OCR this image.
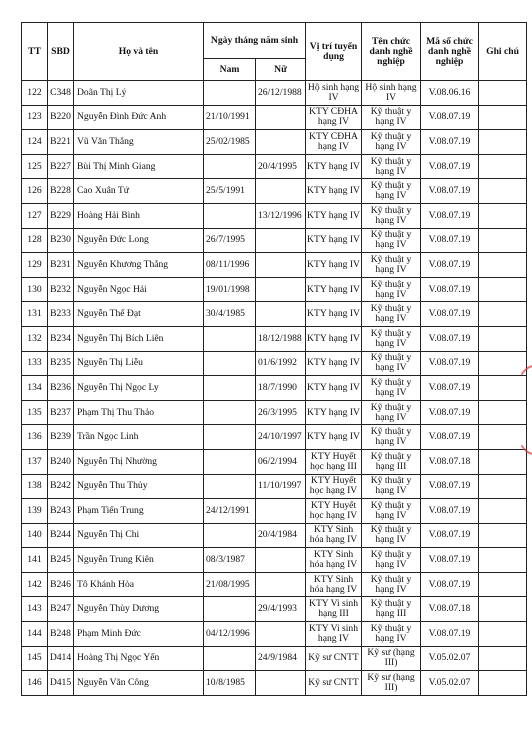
TT	SBD	Họ và tên	Ngày tháng năm sinh		Vị trí tuyển dụng	Tên chức danh nghề nghiệp	Mã số chức danh nghề nghiệp	Ghi chú
			Nam	Nữ				
122	C348	Doãn Thị Lý		26/12/1988	Hộ sinh hạng IV	Hộ sinh hạng IV	V.08.06.16	
123	B220	Nguyễn Đình Đức Anh	21/10/1991		KTY CĐHA hạng IV	Kỹ thuật y hạng IV	V.08.07.19	
124	B221	Vũ Văn Thắng	25/02/1985		KTY CĐHA hạng IV	Kỹ thuật y hạng IV	V.08.07.19	
125	B227	Bùi Thị Minh Giang		20/4/1995	KTY hạng IV	Kỹ thuật y hạng IV	V.08.07.19	
126	B228	Cao Xuân Tứ	25/5/1991		KTY hạng IV	Kỹ thuật y hạng IV	V.08.07.19	
127	B229	Hoàng Hải Bình		13/12/1996	KTY hạng IV	Kỹ thuật y hạng IV	V.08.07.19	
128	B230	Nguyễn Đức Long	26/7/1995		KTY hạng IV	Kỹ thuật y hạng IV	V.08.07.19	
129	B231	Nguyễn Khương Thắng	08/11/1996		KTY hạng IV	Kỹ thuật y hạng IV	V.08.07.19	
130	B232	Nguyễn Ngọc Hải	19/01/1998		KTY hạng IV	Kỹ thuật y hạng IV	V.08.07.19	
131	B233	Nguyễn Thế Đạt	30/4/1985		KTY hạng IV	Kỹ thuật y hạng IV	V.08.07.19	
132	B234	Nguyễn Thị Bích Liên		18/12/1988	KTY hạng IV	Kỹ thuật y hạng IV	V.08.07.19	
133	B235	Nguyễn Thị Liễu		01/6/1992	KTY hạng IV	Kỹ thuật y hạng IV	V.08.07.19	
134	B236	Nguyễn Thị Ngọc Ly		18/7/1990	KTY hạng IV	Kỹ thuật y hạng IV	V.08.07.19	
135	B237	Phạm Thị Thu Thảo		26/3/1995	KTY hạng IV	Kỹ thuật y hạng IV	V.08.07.19	
136	B239	Trần Ngọc Linh		24/10/1997	KTY hạng IV	Kỹ thuật y hạng IV	V.08.07.19	
137	B240	Nguyễn Thị Nhường		06/2/1994	KTY Huyết học hạng III	Kỹ thuật y hạng III	V.08.07.18	
138	B242	Nguyễn Thu Thủy		11/10/1997	KTY Huyết học hạng IV	Kỹ thuật y hạng IV	V.08.07.19	
139	B243	Phạm Tiến Trung	24/12/1991		KTY Huyết học hạng IV	Kỹ thuật y hạng IV	V.08.07.19	
140	B244	Nguyễn Thị Chi		20/4/1984	KTY Sinh hóa hạng IV	Kỹ thuật y hạng IV	V.08.07.19	
141	B245	Nguyễn Trung Kiên	08/3/1987		KTY Sinh hóa hạng IV	Kỹ thuật y hạng IV	V.08.07.19	
142	B246	Tô Khánh Hòa	21/08/1995		KTY Sinh hóa hạng IV	Kỹ thuật y hạng IV	V.08.07.19	
143	B247	Nguyễn Thùy Dương		29/4/1993	KTY Vi sinh hạng III	Kỹ thuật y hạng III	V.08.07.18	
144	B248	Phạm Minh Đức	04/12/1996		KTY Vi sinh hạng IV	Kỹ thuật y hạng IV	V.08.07.19	
145	D414	Hoàng Thị Ngọc Yến		24/9/1984	Kỹ sư CNTT	Kỹ sư (hạng III)	V.05.02.07	
146	D415	Nguyễn Văn Công	10/8/1985		Kỹ sư CNTT	Kỹ sư (hạng III)	V.05.02.07	
